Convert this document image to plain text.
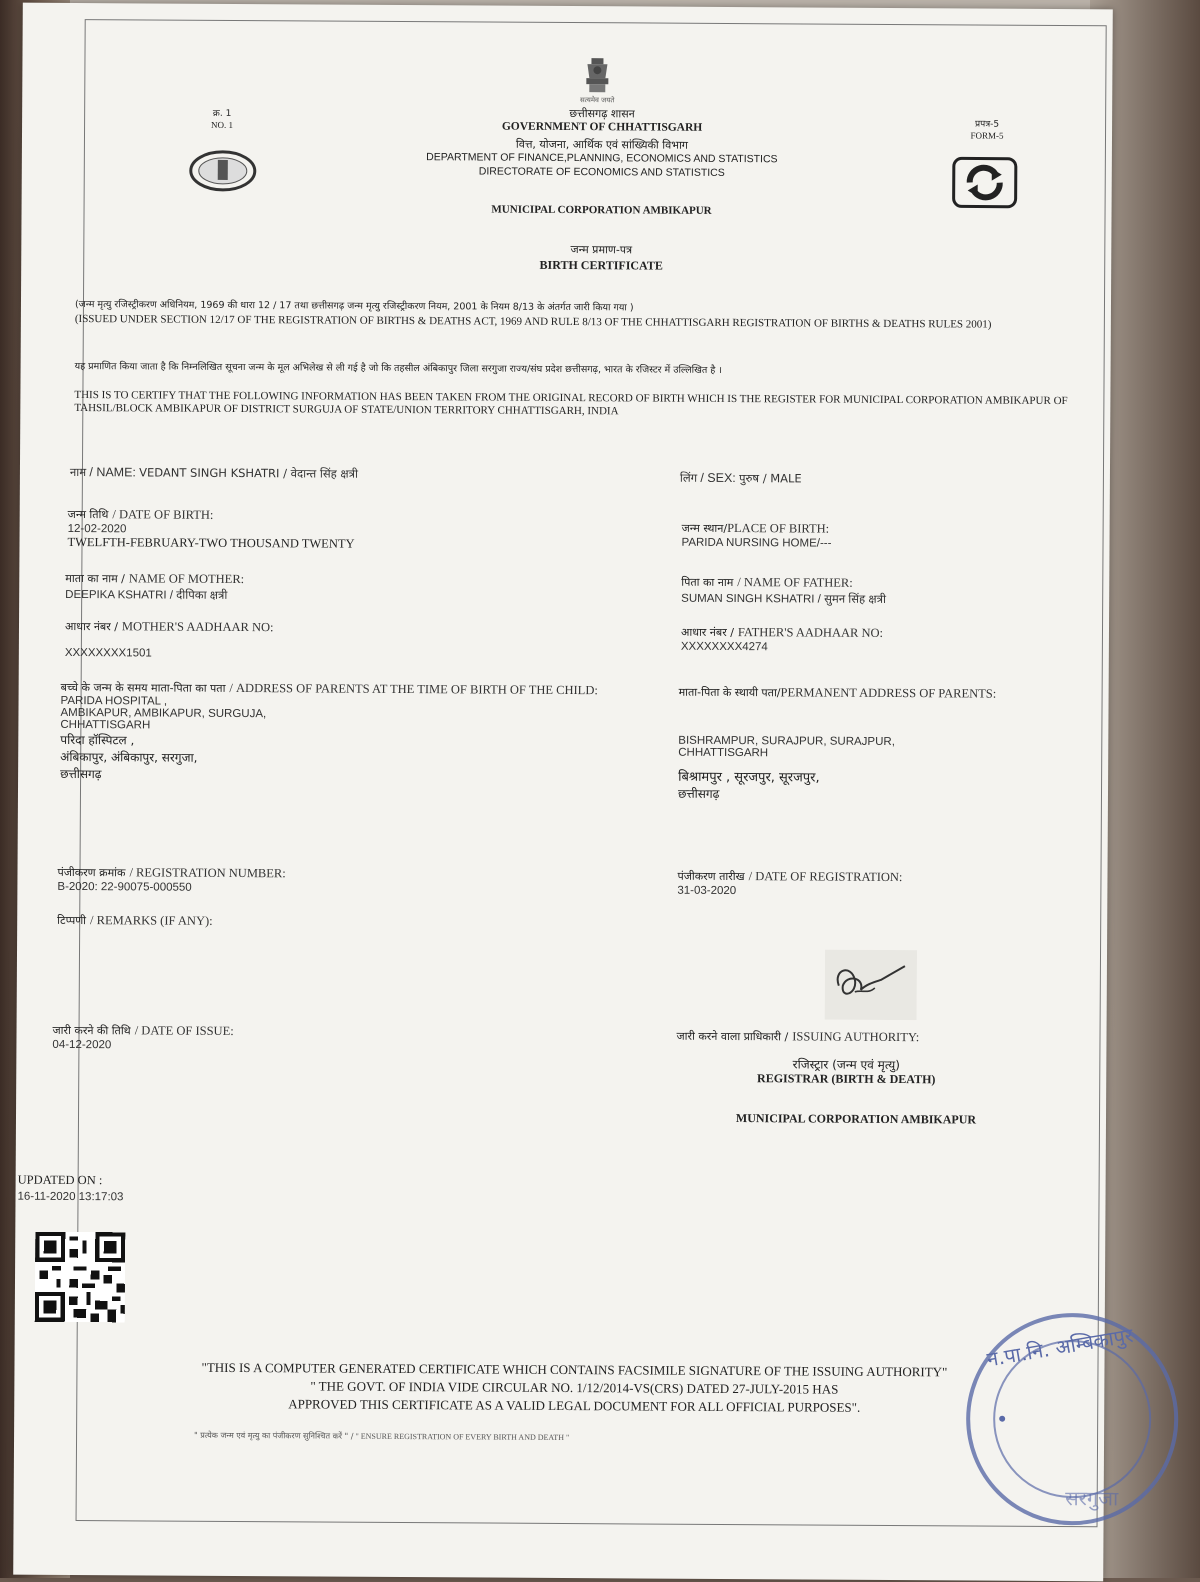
सत्यमेव जयते
क्र. 1
NO. 1	प्रपत्र-5
FORM-5
छत्तीसगढ़ शासन
GOVERNMENT OF CHHATTISGARH
वित्त, योजना, आर्थिक एवं सांख्यिकी विभाग
DEPARTMENT OF FINANCE,PLANNING, ECONOMICS AND STATISTICS
DIRECTORATE OF ECONOMICS AND STATISTICS
MUNICIPAL CORPORATION AMBIKAPUR
जन्म प्रमाण-पत्र
BIRTH CERTIFICATE
(जन्म मृत्यु रजिस्ट्रीकरण अधिनियम, 1969 की धारा 12 / 17 तथा छत्तीसगढ़ जन्म मृत्यु रजिस्ट्रीकरण नियम, 2001 के नियम 8/13 के अंतर्गत जारी किया गया )
(ISSUED UNDER SECTION 12/17 OF THE REGISTRATION OF BIRTHS & DEATHS ACT, 1969 AND RULE 8/13 OF THE CHHATTISGARH REGISTRATION OF BIRTHS & DEATHS RULES 2001)
यह प्रमाणित किया जाता है कि निम्नलिखित सूचना जन्म के मूल अभिलेख से ली गई है जो कि तहसील अंबिकापुर जिला सरगुजा राज्य/संघ प्रदेश छत्तीसगढ़, भारत के रजिस्टर में उल्लिखित है ।
THIS IS TO CERTIFY THAT THE FOLLOWING INFORMATION HAS BEEN TAKEN FROM THE ORIGINAL RECORD OF BIRTH WHICH IS THE REGISTER FOR MUNICIPAL CORPORATION AMBIKAPUR OF TAHSIL/BLOCK AMBIKAPUR OF DISTRICT SURGUJA OF STATE/UNION TERRITORY CHHATTISGARH, INDIA
नाम / NAME: VEDANT SINGH KSHATRI / वेदान्त सिंह क्षत्री	लिंग / SEX: पुरुष / MALE
जन्म तिथि / DATE OF BIRTH:
12-02-2020
TWELFTH-FEBRUARY-TWO THOUSAND TWENTY
जन्म स्थान/PLACE OF BIRTH:
PARIDA NURSING HOME/---
माता का नाम / NAME OF MOTHER:
DEEPIKA KSHATRI / दीपिका क्षत्री
पिता का नाम / NAME OF FATHER:
SUMAN SINGH KSHATRI / सुमन सिंह क्षत्री
आधार नंबर / MOTHER'S AADHAAR NO:
XXXXXXXX1501
आधार नंबर / FATHER'S AADHAAR NO:
XXXXXXXX4274
बच्चे के जन्म के समय माता-पिता का पता / ADDRESS OF PARENTS AT THE TIME OF BIRTH OF THE CHILD:
PARIDA HOSPITAL ,
AMBIKAPUR, AMBIKAPUR, SURGUJA,
CHHATTISGARH
परिदा हॉस्पिटल ,
अंबिकापुर, अंबिकापुर, सरगुजा,
छत्तीसगढ़
माता-पिता के स्थायी पता/PERMANENT ADDRESS OF PARENTS:
BISHRAMPUR, SURAJPUR, SURAJPUR,
CHHATTISGARH
बिश्रामपुर , सूरजपुर, सूरजपुर,
छत्तीसगढ़
पंजीकरण क्रमांक / REGISTRATION NUMBER:
B-2020: 22-90075-000550
पंजीकरण तारीख / DATE OF REGISTRATION:
31-03-2020
टिप्पणी / REMARKS (IF ANY):
जारी करने की तिथि / DATE OF ISSUE:
04-12-2020
जारी करने वाला प्राधिकारी / ISSUING AUTHORITY:
रजिस्ट्रार (जन्म एवं मृत्यु)
REGISTRAR (BIRTH & DEATH)
MUNICIPAL CORPORATION AMBIKAPUR
UPDATED ON :
16-11-2020 13:17:03
"THIS IS A COMPUTER GENERATED CERTIFICATE WHICH CONTAINS FACSIMILE SIGNATURE OF THE ISSUING AUTHORITY"
" THE GOVT. OF INDIA VIDE CIRCULAR NO. 1/12/2014-VS(CRS) DATED 27-JULY-2015 HAS
APPROVED THIS CERTIFICATE AS A VALID LEGAL DOCUMENT FOR ALL OFFICIAL PURPOSES".
" प्रत्येक जन्म एवं मृत्यु का पंजीकरण सुनिश्चित करें " / " ENSURE REGISTRATION OF EVERY BIRTH AND DEATH "
न.पा.नि. अम्बिकापुर
सरगुजा
